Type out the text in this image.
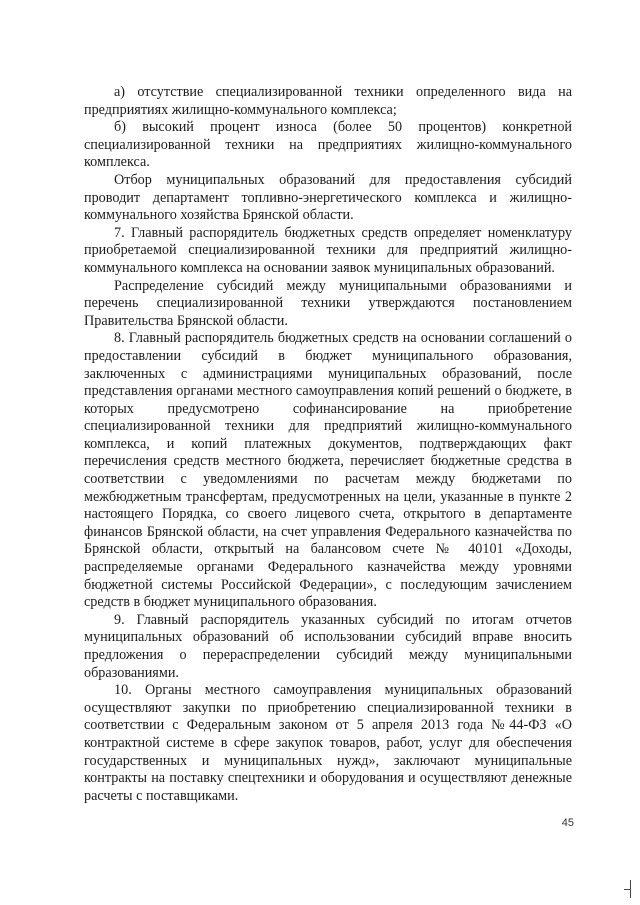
а) отсутствие специализированной техники определенного вида на предприятиях жилищно-коммунального комплекса;

б) высокий процент износа (более 50 процентов) конкретной специализированной техники на предприятиях жилищно-коммунального комплекса.

Отбор муниципальных образований для предоставления субсидий проводит департамент топливно-энергетического комплекса и жилищно-коммунального хозяйства Брянской области.

7. Главный распорядитель бюджетных средств определяет номенклатуру приобретаемой специализированной техники для предприятий жилищно-коммунального комплекса на основании заявок муниципальных образований.

Распределение субсидий между муниципальными образованиями и перечень специализированной техники утверждаются постановлением Правительства Брянской области.

8. Главный распорядитель бюджетных средств на основании соглашений о предоставлении субсидий в бюджет муниципального образования, заключенных с администрациями муниципальных образований, после представления органами местного самоуправления копий решений о бюджете, в которых предусмотрено софинансирование на приобретение специализированной техники для предприятий жилищно-коммунального комплекса, и копий платежных документов, подтверждающих факт перечисления средств местного бюджета, перечисляет бюджетные средства в соответствии с уведомлениями по расчетам между бюджетами по межбюджетным трансфертам, предусмотренных на цели, указанные в пункте 2 настоящего Порядка, со своего лицевого счета, открытого в департаменте финансов Брянской области, на счет управления Федерального казначейства по Брянской области, открытый на балансовом счете № 40101 «Доходы, распределяемые органами Федерального казначейства между уровнями бюджетной системы Российской Федерации», с последующим зачислением средств в бюджет муниципального образования.

9. Главный распорядитель указанных субсидий по итогам отчетов муниципальных образований об использовании субсидий вправе вносить предложения о перераспределении субсидий между муниципальными образованиями.

10. Органы местного самоуправления муниципальных образований осуществляют закупки по приобретению специализированной техники в соответствии с Федеральным законом от 5 апреля 2013 года №44-ФЗ «О контрактной системе в сфере закупок товаров, работ, услуг для обеспечения государственных и муниципальных нужд», заключают муниципальные контракты на поставку спецтехники и оборудования и осуществляют денежные расчеты с поставщиками.

45
